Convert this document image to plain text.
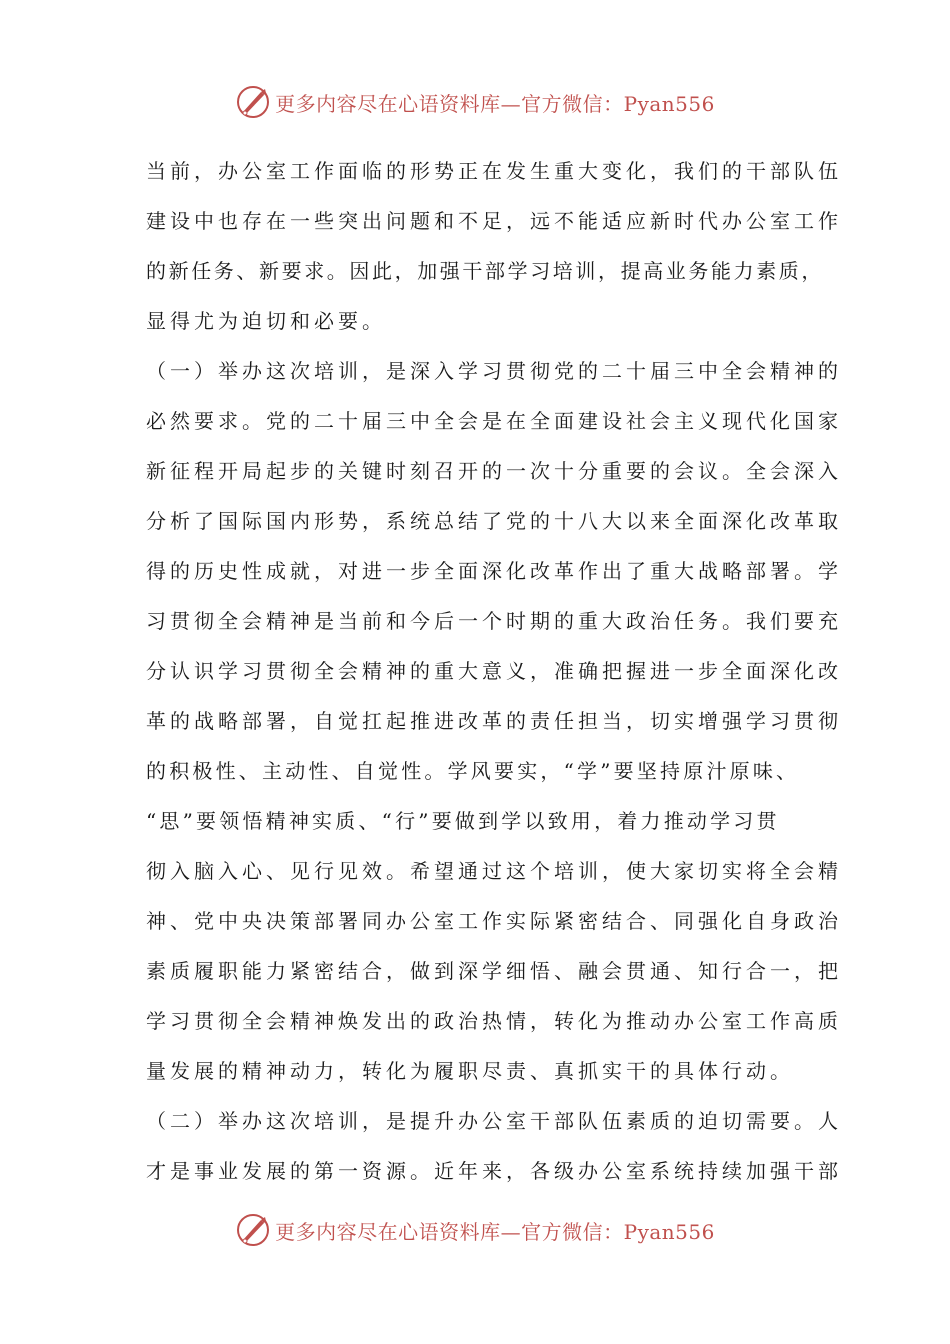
更多内容尽在心语资料库—官方微信：Pyan556
当前，办公室工作面临的形势正在发生重大变化，我们的干部队伍
建设中也存在一些突出问题和不足，远不能适应新时代办公室工作
的新任务、新要求。因此，加强干部学习培训，提高业务能力素质，
显得尤为迫切和必要。
（一）举办这次培训，是深入学习贯彻党的二十届三中全会精神的
必然要求。党的二十届三中全会是在全面建设社会主义现代化国家
新征程开局起步的关键时刻召开的一次十分重要的会议。全会深入
分析了国际国内形势，系统总结了党的十八大以来全面深化改革取
得的历史性成就，对进一步全面深化改革作出了重大战略部署。学
习贯彻全会精神是当前和今后一个时期的重大政治任务。我们要充
分认识学习贯彻全会精神的重大意义，准确把握进一步全面深化改
革的战略部署，自觉扛起推进改革的责任担当，切实增强学习贯彻
的积极性、主动性、自觉性。学风要实，“学”要坚持原汁原味、
“思”要领悟精神实质、“行”要做到学以致用，着力推动学习贯
彻入脑入心、见行见效。希望通过这个培训，使大家切实将全会精
神、党中央决策部署同办公室工作实际紧密结合、同强化自身政治
素质履职能力紧密结合，做到深学细悟、融会贯通、知行合一，把
学习贯彻全会精神焕发出的政治热情，转化为推动办公室工作高质
量发展的精神动力，转化为履职尽责、真抓实干的具体行动。
（二）举办这次培训，是提升办公室干部队伍素质的迫切需要。人
才是事业发展的第一资源。近年来，各级办公室系统持续加强干部
更多内容尽在心语资料库—官方微信：Pyan556
